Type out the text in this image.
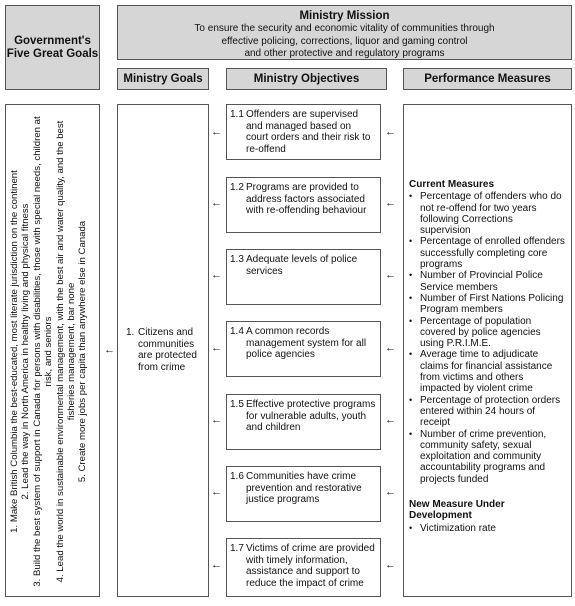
Ministry Mission
To ensure the security and economic vitality of communities through
effective policing, corrections, liquor and gaming control
and other protective and regulatory programs
Government's
Five Great Goals
Ministry Goals	Ministry Objectives	Performance Measures
1. Make British Columbia the best-educated, most literate jurisdiction on the continent 2. Lead the way in North America in healthy living and physical fitness 3. Build the best system of support in Canada for persons with disabilities, those with special needs, children at risk, and seniors 4. Lead the world in sustainable environmental management, with the best air and water quality, and the best fisheries management, bar none 5. Create more jobs per capita than anywhere else in Canada ←
1. Citizens and communities are protected from crime
←
←
←
←
←
←
←
1.1 Offenders are supervised and managed based on court orders and their risk to re-offend
1.2 Programs are provided to address factors associated with re-offending behaviour
1.3 Adequate levels of police services
1.4 A common records management system for all police agencies
1.5 Effective protective programs for vulnerable adults, youth and children
1.6 Communities have crime prevention and restorative justice programs
1.7 Victims of crime are provided with timely information, assistance and support to reduce the impact of crime
←
←
←
←
←
←
←
Current Measures
• Percentage of offenders who do not re-offend for two years following Corrections supervision
• Percentage of enrolled offenders successfully completing core programs
• Number of Provincial Police Service members
• Number of First Nations Policing Program members
• Percentage of population covered by police agencies using P.R.I.M.E.
• Average time to adjudicate claims for financial assistance from victims and others impacted by violent crime
• Percentage of protection orders entered within 24 hours of receipt
• Number of crime prevention, community safety, sexual exploitation and community accountability programs and projects funded
New Measure Under
Development
• Victimization rate
